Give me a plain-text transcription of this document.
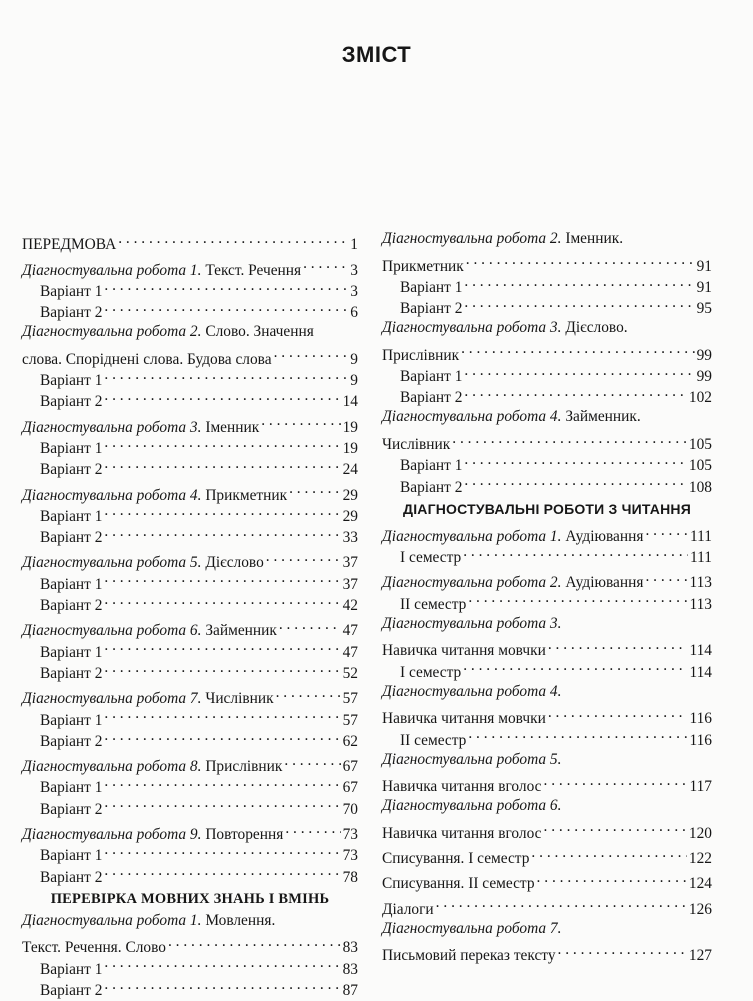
ЗМІСТ
ПЕРЕДМОВА . . .	1
Діагностувальна робота 1. Текст. Речення . . .	3
Варіант 1 . . .	3
Варіант 2 . . .	6
Діагностувальна робота 2. Слово. Значення
слова. Споріднені слова. Будова слова . . .	9
Варіант 1 . . .	9
Варіант 2 . . .	14
Діагностувальна робота 3. Іменник . . .	19
Варіант 1 . . .	19
Варіант 2 . . .	24
Діагностувальна робота 4. Прикметник . . .	29
Варіант 1 . . .	29
Варіант 2 . . .	33
Діагностувальна робота 5. Дієслово . . .	37
Варіант 1 . . .	37
Варіант 2 . . .	42
Діагностувальна робота 6. Займенник . . .	47
Варіант 1 . . .	47
Варіант 2 . . .	52
Діагностувальна робота 7. Числівник . . .	57
Варіант 1 . . .	57
Варіант 2 . . .	62
Діагностувальна робота 8. Прислівник . . .	67
Варіант 1 . . .	67
Варіант 2 . . .	70
Діагностувальна робота 9. Повторення . . .	73
Варіант 1 . . .	73
Варіант 2 . . .	78
ПЕРЕВІРКА МОВНИХ ЗНАНЬ І ВМІНЬ
Діагностувальна робота 1. Мовлення.
Текст. Речення. Слово . . .	83
Варіант 1 . . .	83
Варіант 2 . . .	87
Діагностувальна робота 2. Іменник.
Прикметник . . .	91
Варіант 1 . . .	91
Варіант 2 . . .	95
Діагностувальна робота 3. Дієслово.
Прислівник . . .	99
Варіант 1 . . .	99
Варіант 2 . . .	102
Діагностувальна робота 4. Займенник.
Числівник . . .	105
Варіант 1 . . .	105
Варіант 2 . . .	108
ДІАГНОСТУВАЛЬНІ РОБОТИ З ЧИТАННЯ
Діагностувальна робота 1. Аудіювання . . .	111
І семестр . . .	111
Діагностувальна робота 2. Аудіювання . . .	113
ІІ семестр . . .	113
Діагностувальна робота 3.
Навичка читання мовчки . . .	114
І семестр . . .	114
Діагностувальна робота 4.
Навичка читання мовчки . . .	116
ІІ семестр . . .	116
Діагностувальна робота 5.
Навичка читання вголос . . .	117
Діагностувальна робота 6.
Навичка читання вголос . . .	120
Списування. І семестр . . .	122
Списування. ІІ семестр . . .	124
Діалоги . . .	126
Діагностувальна робота 7.
Письмовий переказ тексту . . .	127
